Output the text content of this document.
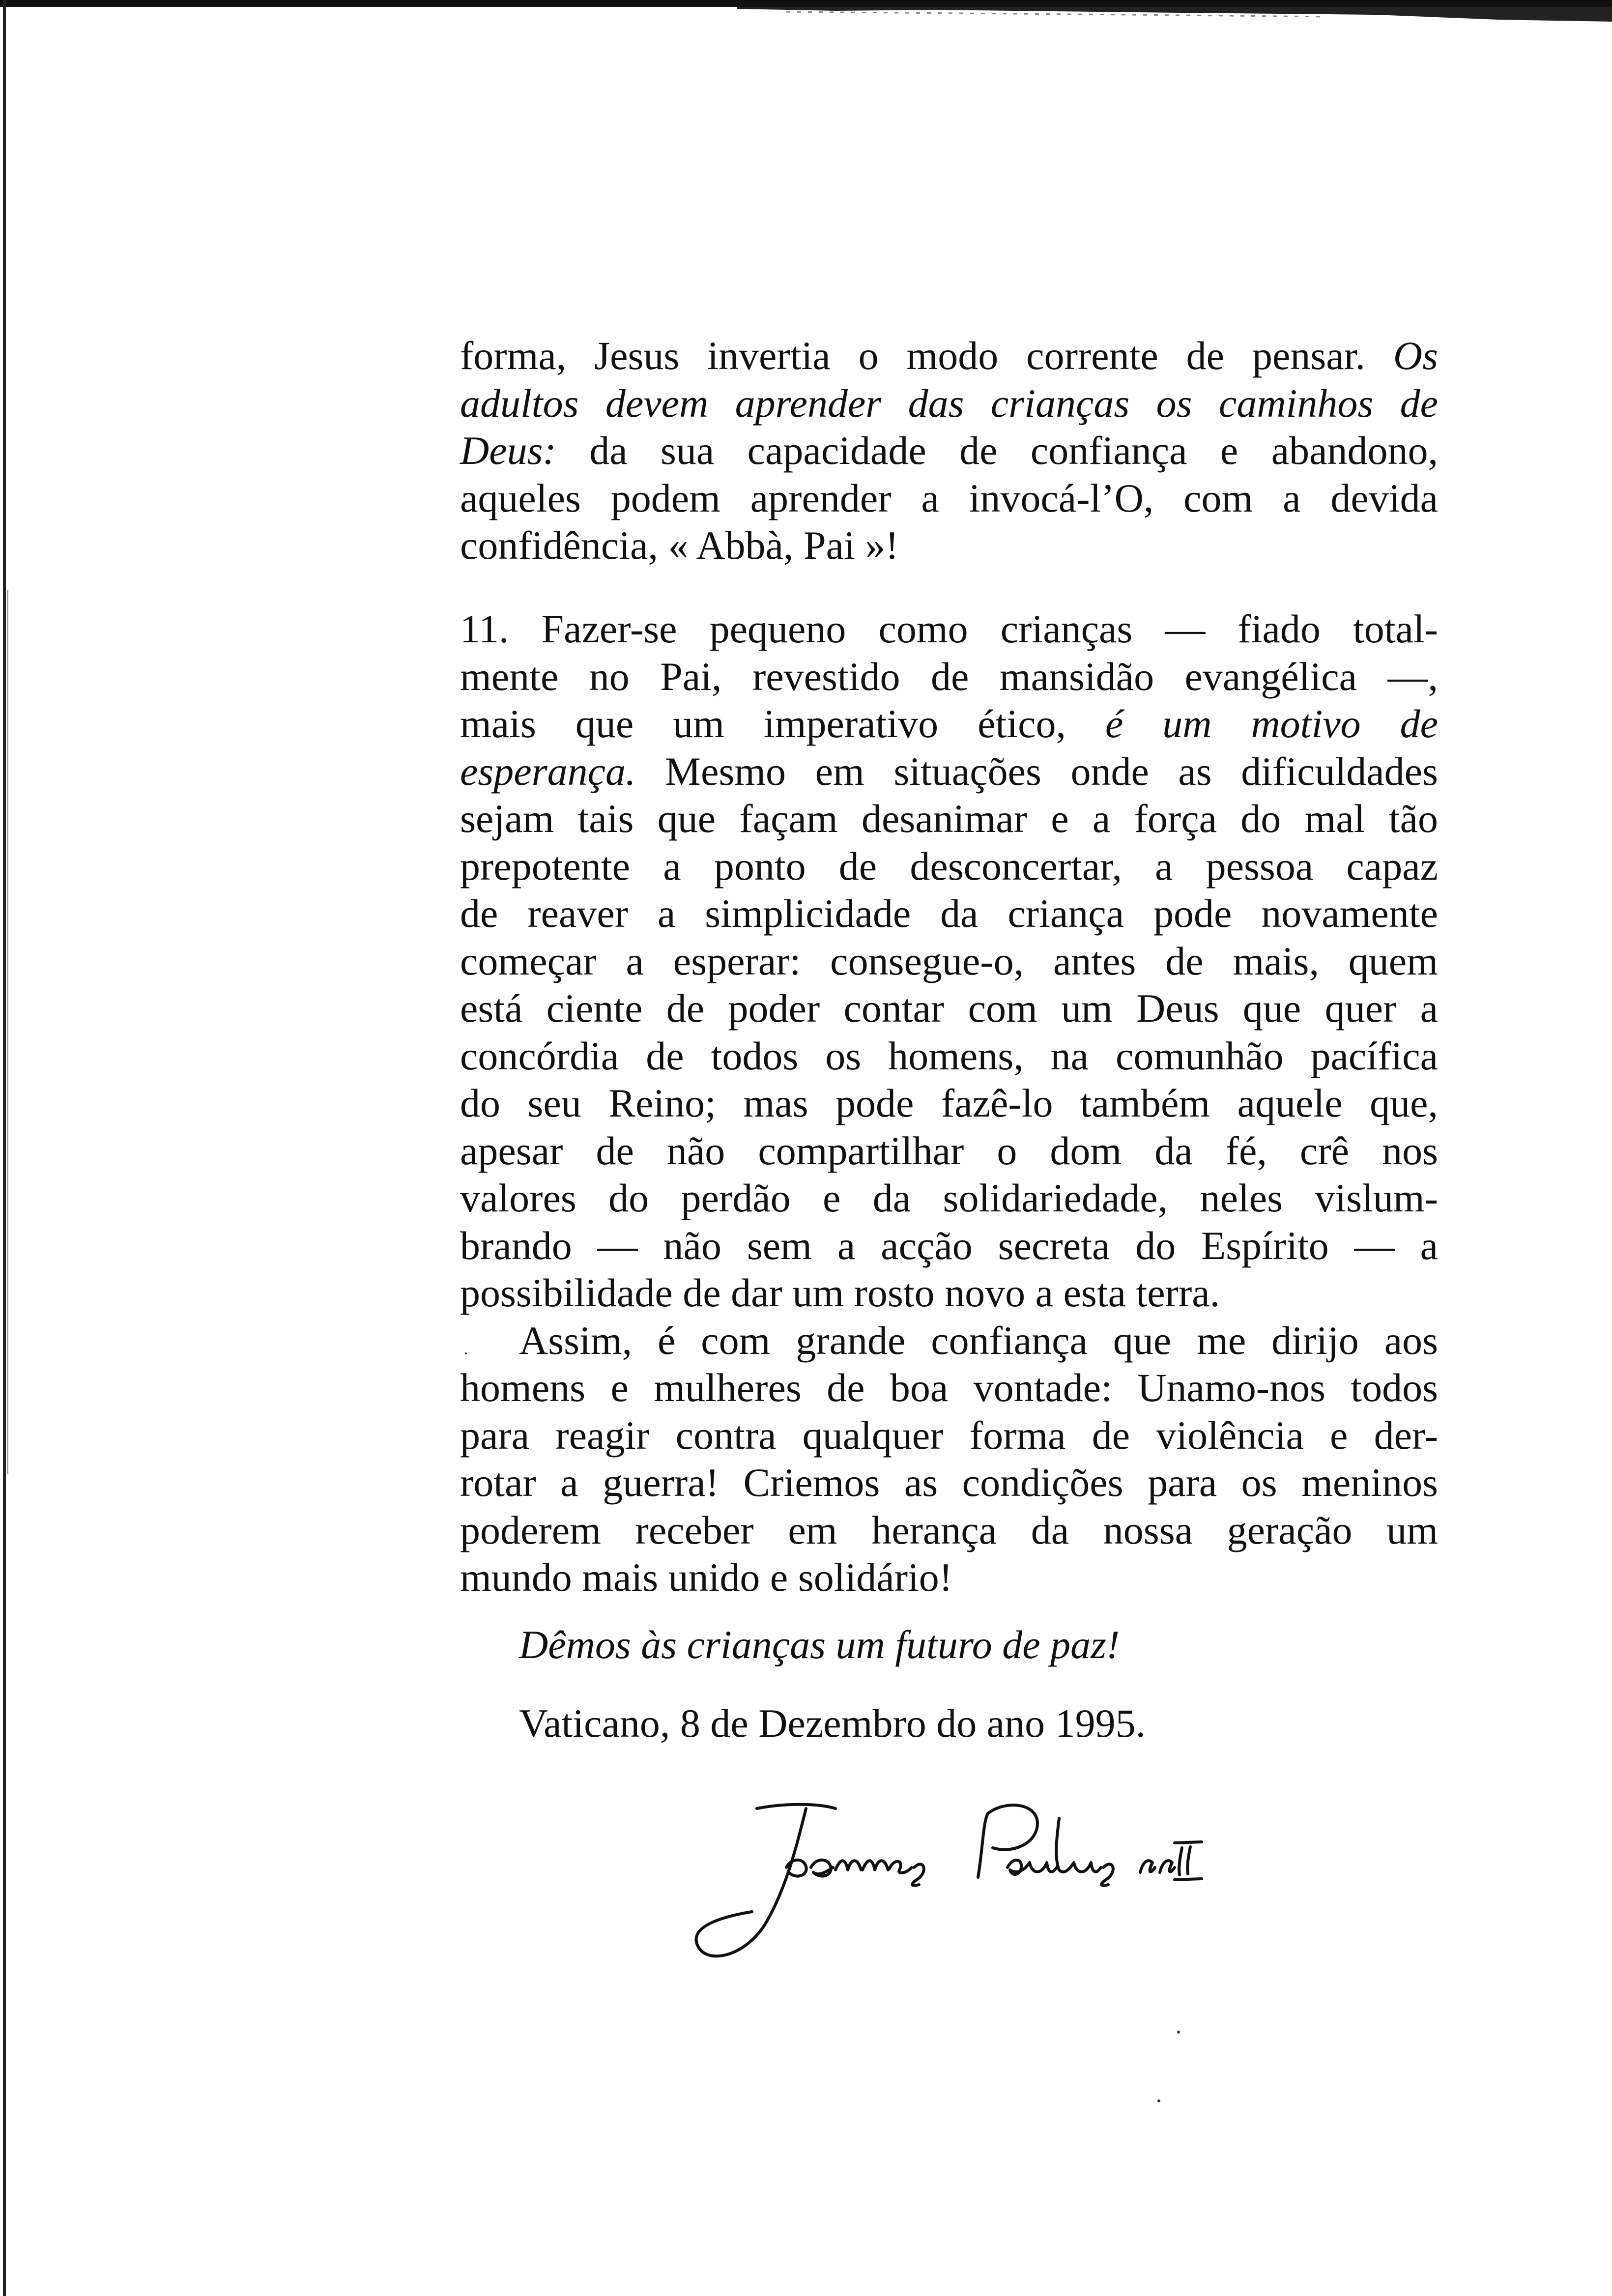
forma, Jesus invertia o modo corrente de pensar. Os
adultos devem aprender das crianças os caminhos de
Deus: da sua capacidade de confiança e abandono,
aqueles podem aprender a invocá-l’O, com a devida
confidência, « Abbà, Pai »!
11. Fazer-se pequeno como crianças — fiado total-
mente no Pai, revestido de mansidão evangélica —,
mais que um imperativo ético, é um motivo de
esperança. Mesmo em situações onde as dificuldades
sejam tais que façam desanimar e a força do mal tão
prepotente a ponto de desconcertar, a pessoa capaz
de reaver a simplicidade da criança pode novamente
começar a esperar: consegue-o, antes de mais, quem
está ciente de poder contar com um Deus que quer a
concórdia de todos os homens, na comunhão pacífica
do seu Reino; mas pode fazê-lo também aquele que,
apesar de não compartilhar o dom da fé, crê nos
valores do perdão e da solidariedade, neles vislum-
brando — não sem a acção secreta do Espírito — a
possibilidade de dar um rosto novo a esta terra.
Assim, é com grande confiança que me dirijo aos
homens e mulheres de boa vontade: Unamo-nos todos
para reagir contra qualquer forma de violência e der-
rotar a guerra! Criemos as condições para os meninos
poderem receber em herança da nossa geração um
mundo mais unido e solidário!
Dêmos às crianças um futuro de paz!
Vaticano, 8 de Dezembro do ano 1995.
